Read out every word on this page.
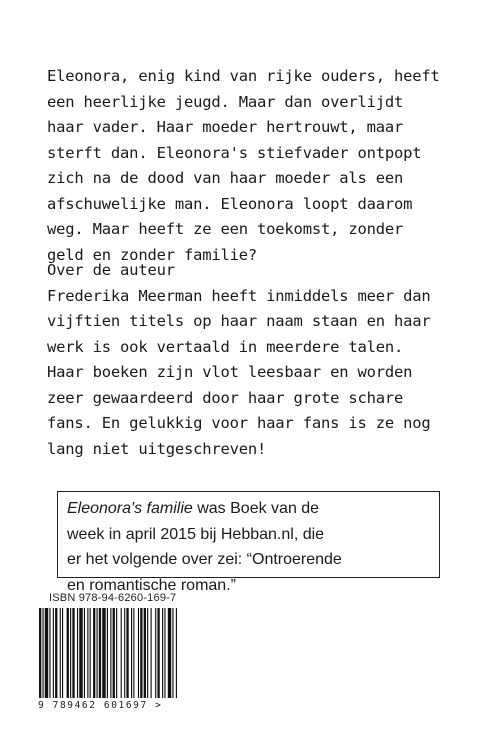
Eleonora, enig kind van rijke ouders, heeft
een heerlijke jeugd. Maar dan overlijdt
haar vader. Haar moeder hertrouwt, maar
sterft dan. Eleonora's stiefvader ontpopt
zich na de dood van haar moeder als een
afschuwelijke man. Eleonora loopt daarom
weg. Maar heeft ze een toekomst, zonder
geld en zonder familie?

Over de auteur
Frederika Meerman heeft inmiddels meer dan
vijftien titels op haar naam staan en haar
werk is ook vertaald in meerdere talen.
Haar boeken zijn vlot leesbaar en worden
zeer gewaardeerd door haar grote schare
fans. En gelukkig voor haar fans is ze nog
lang niet uitgeschreven!

Eleonora's familie was Boek van de
week in april 2015 bij Hebban.nl, die
er het volgende over zei: “Ontroerende
en romantische roman.”
ISBN 978-94-6260-169-7
9 789462 601697 >
